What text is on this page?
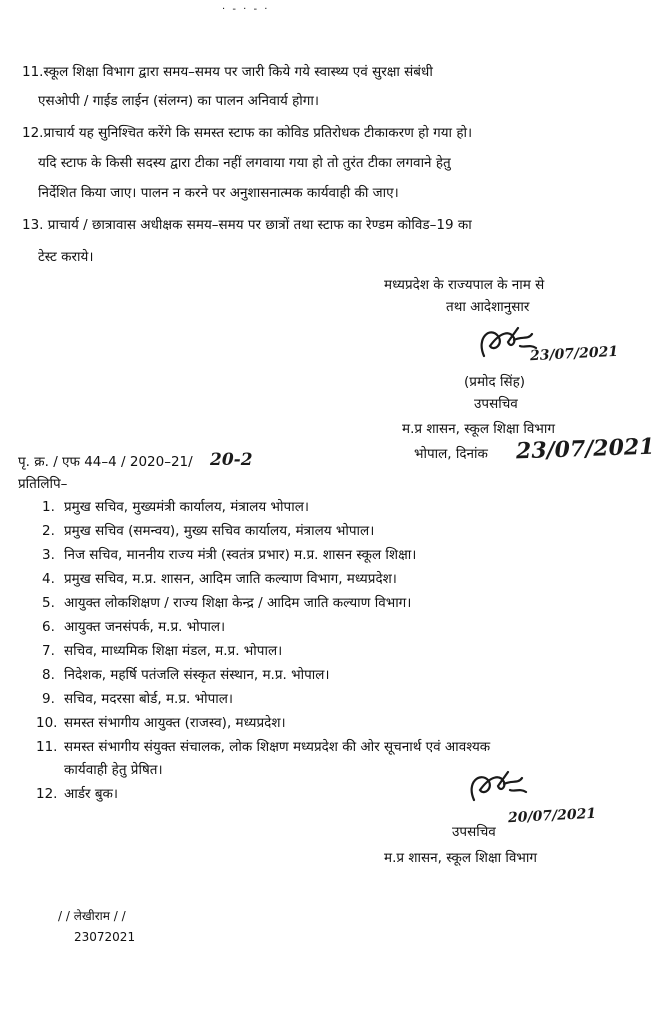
· ‑ · ‑ ·
11.स्कूल शिक्षा विभाग द्वारा समय–समय पर जारी किये गये स्वास्थ्य एवं सुरक्षा संबंधी
एसओपी / गाईड लाईन (संलग्न) का पालन अनिवार्य होगा।
12.प्राचार्य यह सुनिश्चित करेंगे कि समस्त स्टाफ का कोविड प्रतिरोधक टीकाकरण हो गया हो।
यदि स्टाफ के किसी सदस्य द्वारा टीका नहीं लगवाया गया हो तो तुरंत टीका लगवाने हेतु
निर्देशित किया जाए। पालन न करने पर अनुशासनात्मक कार्यवाही की जाए।
13. प्राचार्य / छात्रावास अधीक्षक समय–समय पर छात्रों तथा स्टाफ का रेण्डम कोविड–19 का
टेस्ट कराये।
मध्यप्रदेश के राज्यपाल के नाम से
तथा आदेशानुसार
23/07/2021
(प्रमोद सिंह)
उपसचिव
म.प्र शासन, स्कूल शिक्षा विभाग
भोपाल, दिनांक 23/07/2021
पृ. क्र. / एफ 44–4 / 2020–21/ 20-2
प्रतिलिपि–
1. प्रमुख सचिव, मुख्यमंत्री कार्यालय, मंत्रालय भोपाल।
2. प्रमुख सचिव (समन्वय), मुख्य सचिव कार्यालय, मंत्रालय भोपाल।
3. निज सचिव, माननीय राज्य मंत्री (स्वतंत्र प्रभार) म.प्र. शासन स्कूल शिक्षा।
4. प्रमुख सचिव, म.प्र. शासन, आदिम जाति कल्याण विभाग, मध्यप्रदेश।
5. आयुक्त लोकशिक्षण / राज्य शिक्षा केन्द्र / आदिम जाति कल्याण विभाग।
6. आयुक्त जनसंपर्क, म.प्र. भोपाल।
7. सचिव, माध्यमिक शिक्षा मंडल, म.प्र. भोपाल।
8. निदेशक, महर्षि पतंजलि संस्कृत संस्थान, म.प्र. भोपाल।
9. सचिव, मदरसा बोर्ड, म.प्र. भोपाल।
10. समस्त संभागीय आयुक्त (राजस्व), मध्यप्रदेश।
11. समस्त संभागीय संयुक्त संचालक, लोक शिक्षण मध्यप्रदेश की ओर सूचनार्थ एवं आवश्यक
कार्यवाही हेतु प्रेषित।
12. आर्डर बुक।
20/07/2021
उपसचिव
म.प्र शासन, स्कूल शिक्षा विभाग
/ / लेखीराम / /
23072021
